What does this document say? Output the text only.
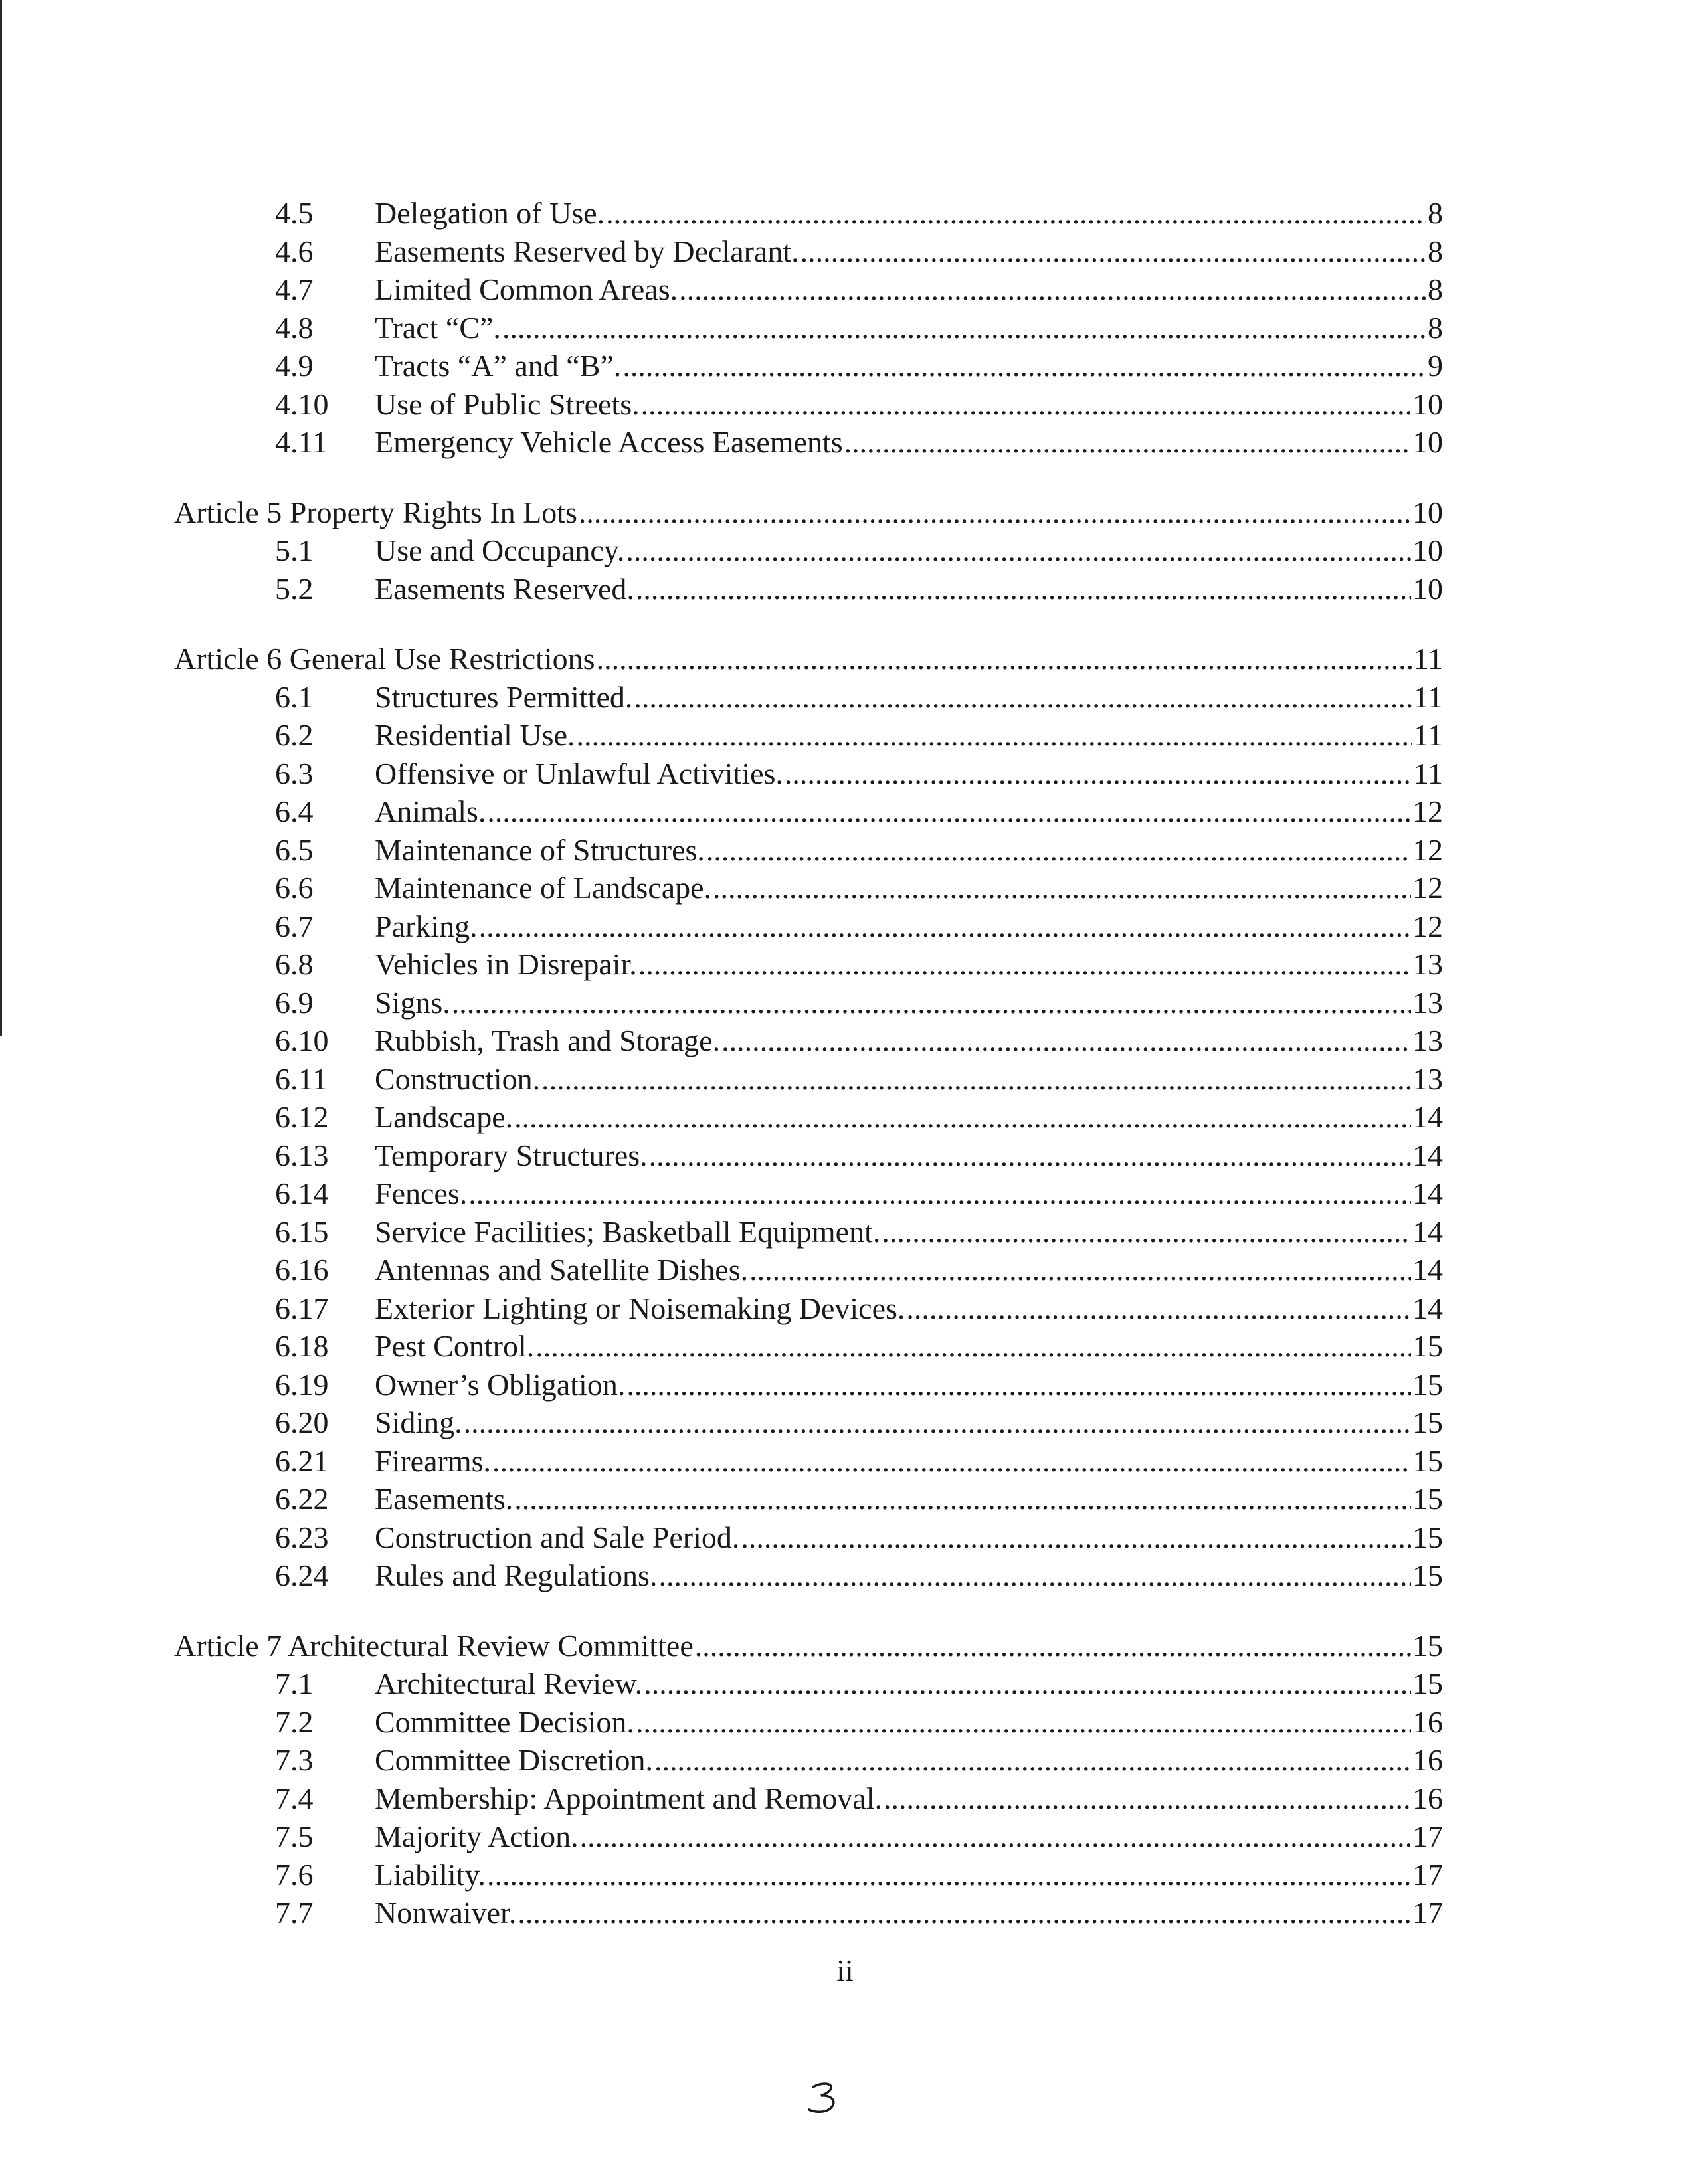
4.5 Delegation of Use. .....	8
4.6 Easements Reserved by Declarant. .....	8
4.7 Limited Common Areas. .....	8
4.8 Tract “C”. .....	8
4.9 Tracts “A” and “B”. .....	9
4.10 Use of Public Streets. .....	10
4.11 Emergency Vehicle Access Easements .....	10
Article 5 Property Rights In Lots .....	10
5.1 Use and Occupancy. .....	10
5.2 Easements Reserved. .....	10
Article 6 General Use Restrictions .....	11
6.1 Structures Permitted. .....	11
6.2 Residential Use. .....	11
6.3 Offensive or Unlawful Activities. .....	11
6.4 Animals. .....	12
6.5 Maintenance of Structures. .....	12
6.6 Maintenance of Landscape. .....	12
6.7 Parking. .....	12
6.8 Vehicles in Disrepair. .....	13
6.9 Signs. .....	13
6.10 Rubbish, Trash and Storage. .....	13
6.11 Construction. .....	13
6.12 Landscape. .....	14
6.13 Temporary Structures. .....	14
6.14 Fences. .....	14
6.15 Service Facilities; Basketball Equipment. .....	14
6.16 Antennas and Satellite Dishes. .....	14
6.17 Exterior Lighting or Noisemaking Devices. .....	14
6.18 Pest Control. .....	15
6.19 Owner’s Obligation. .....	15
6.20 Siding. .....	15
6.21 Firearms. .....	15
6.22 Easements. .....	15
6.23 Construction and Sale Period. .....	15
6.24 Rules and Regulations. .....	15
Article 7 Architectural Review Committee .....	15
7.1 Architectural Review. .....	15
7.2 Committee Decision. .....	16
7.3 Committee Discretion. .....	16
7.4 Membership: Appointment and Removal. .....	16
7.5 Majority Action. .....	17
7.6 Liability. .....	17
7.7 Nonwaiver. .....	17
ii
